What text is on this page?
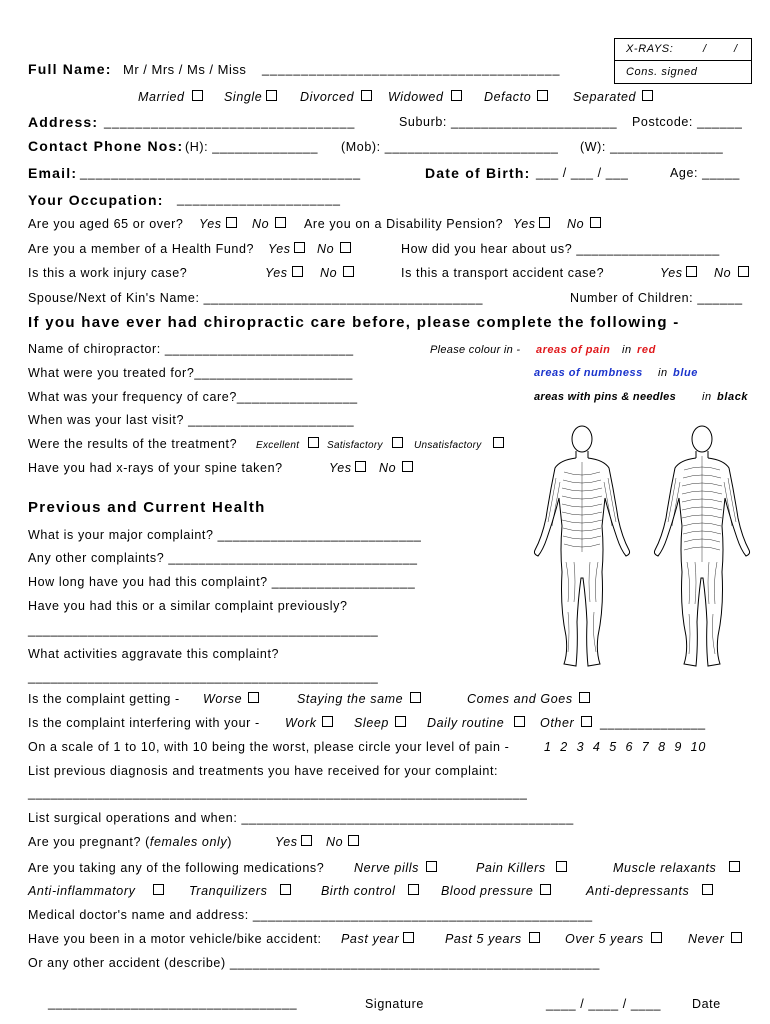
X-RAYS:	/ /
Cons. signed
Full Name: Mr / Mrs / Ms / Miss ______________________________________
Married	Single	Divorced	Widowed	Defacto	Separated
Address: ________________________________	Suburb: ______________________ Postcode: ______
Contact Phone Nos: (H): ______________ (Mob): _______________________ (W): _______________
Email: ____________________________________	Date of Birth: ___ / ___ / ___	Age: _____
Your Occupation: _____________________
Are you aged 65 or over? Yes No	Are you on a Disability Pension? Yes	No
Are you a member of a Health Fund? Yes No	How did you hear about us? ___________________
Is this a work injury case?	Yes	No	Is this a transport accident case?	Yes	No
Spouse/Next of Kin's Name: _____________________________________	Number of Children: ______
If you have ever had chiropractic care before, please complete the following -
Name of chiropractor: _________________________
What were you treated for?_____________________
What was your frequency of care?________________
When was your last visit? ______________________
Were the results of the treatment? Excellent	Satisfactory	Unsatisfactory
Have you had x-rays of your spine taken?	Yes No
Please colour in - areas of pain in red
areas of numbness in blue
areas with pins & needles in black
Previous and Current Health
What is your major complaint? ___________________________
Any other complaints? _________________________________
How long have you had this complaint? ___________________
Have you had this or a similar complaint previously?
_______________________________________________
What activities aggravate this complaint?
_______________________________________________
Is the complaint getting - Worse	Staying the same	Comes and Goes
Is the complaint interfering with your - Work	Sleep	Daily routine	Other ______________
On a scale of 1 to 10, with 10 being the worst, please circle your level of pain -	1  2  3  4  5  6  7  8  9  10
List previous diagnosis and treatments you have received for your complaint:
___________________________________________________________________
List surgical operations and when: ____________________________________________
Are you pregnant? (females only)	Yes No
Are you taking any of the following medications? Nerve pills	Pain Killers	Muscle relaxants
Anti-inflammatory	Tranquilizers	Birth control	Blood pressure	Anti-depressants
Medical doctor's name and address: _____________________________________________
Have you been in a motor vehicle/bike accident: Past year	Past 5 years	Over 5 years	Never
Or any other accident (describe) _________________________________________________
_________________________________	Signature	____ / ____ / ____ Date
